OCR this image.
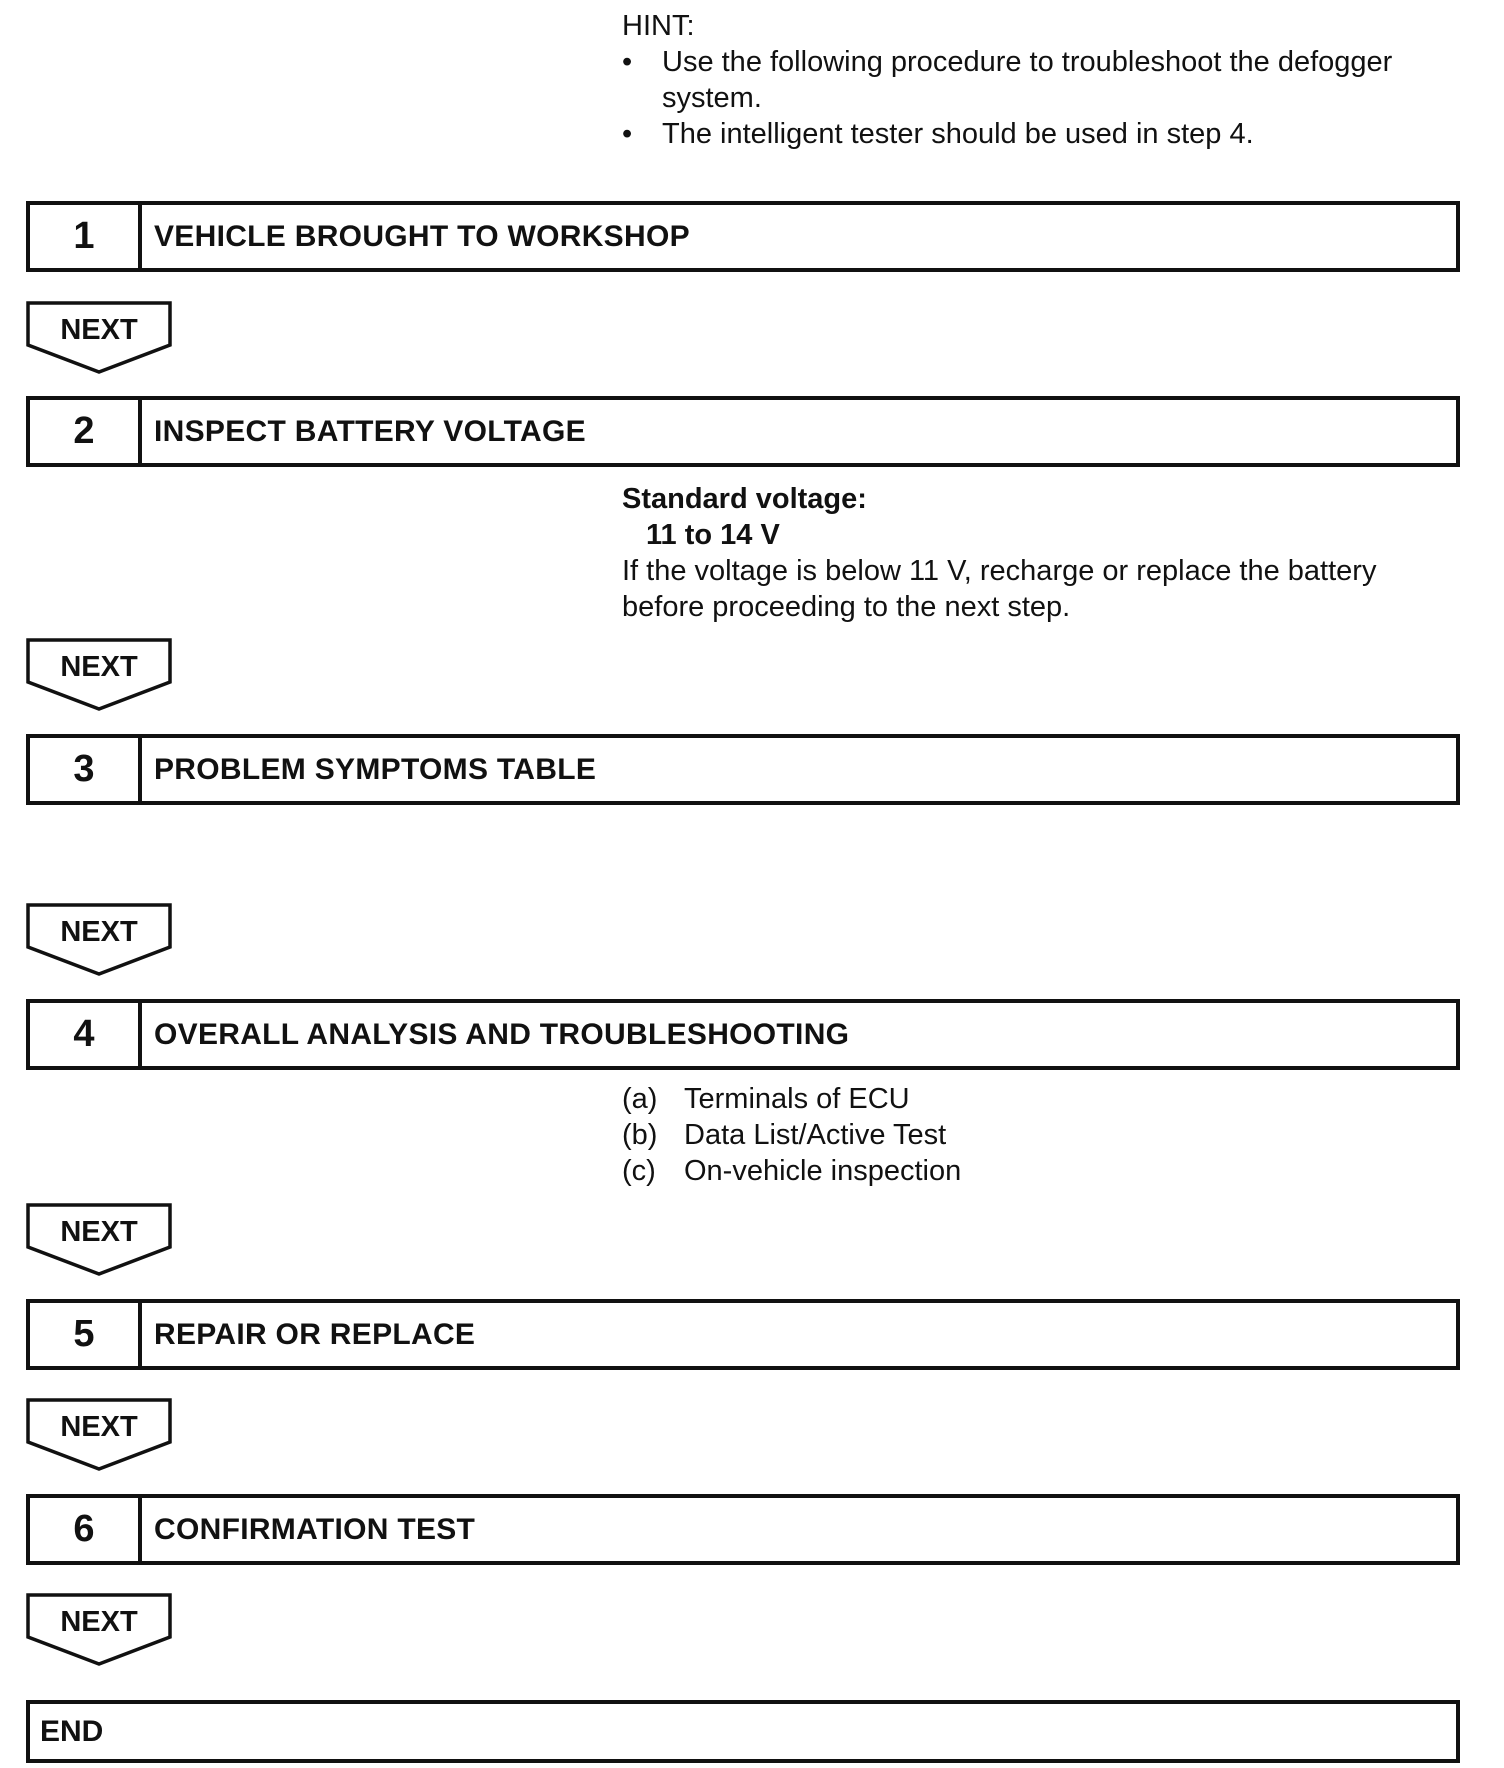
HINT:
•	Use the following procedure to troubleshoot the defogger system.
•	The intelligent tester should be used in step 4.
1	VEHICLE BROUGHT TO WORKSHOP
NEXT
2	INSPECT BATTERY VOLTAGE
Standard voltage:
11 to 14 V
If the voltage is below 11 V, recharge or replace the battery before proceeding to the next step.
NEXT
3	PROBLEM SYMPTOMS TABLE
NEXT
4	OVERALL ANALYSIS AND TROUBLESHOOTING
(a) Terminals of ECU
(b) Data List/Active Test
(c) On-vehicle inspection
NEXT
5	REPAIR OR REPLACE
NEXT
6	CONFIRMATION TEST
NEXT
END
